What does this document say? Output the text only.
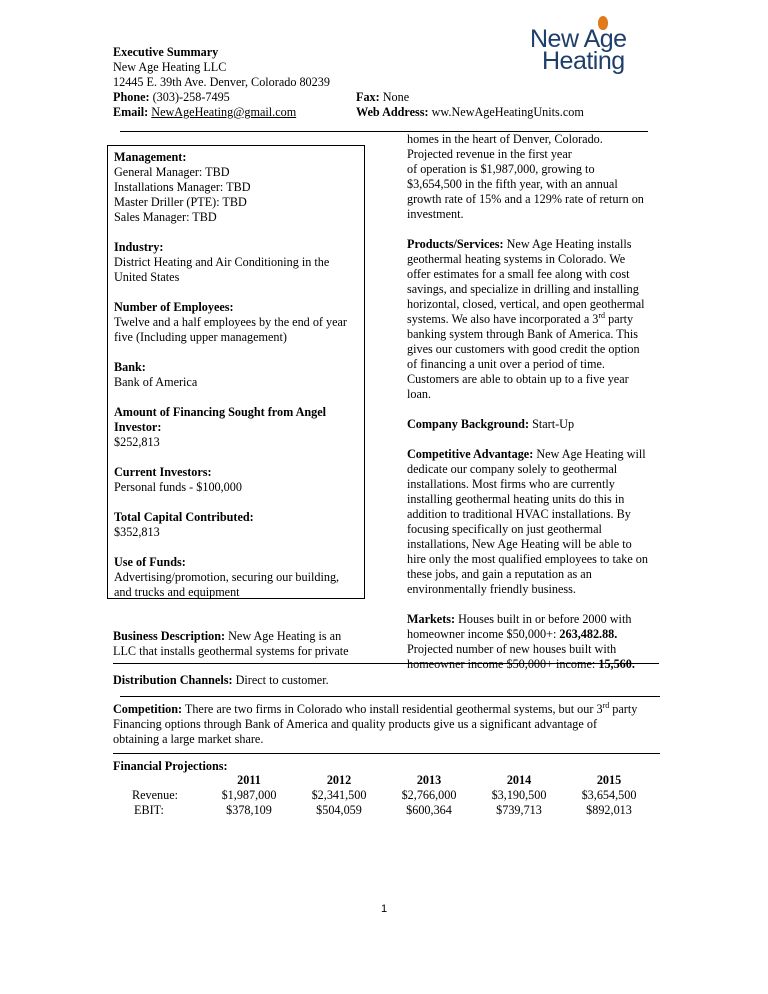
Executive Summary
New Age Heating LLC
12445 E. 39th Ave. Denver, Colorado 80239
Phone: (303)-258-7495
Email: NewAgeHeating@gmail.com
Fax: None
Web Address: ww.NewAgeHeatingUnits.com
New Age
Heating

Management:

General Manager: TBD

Installations Manager: TBD

Master Driller (PTE): TBD

Sales Manager: TBD

Industry:

District Heating and Air Conditioning in the

United States

Number of Employees:

Twelve and a half employees by the end of year

five (Including upper management)

Bank:

Bank of America

Amount of Financing Sought from Angel

Investor:

$252,813

Current Investors:

Personal funds - $100,000

Total Capital Contributed:

$352,813

Use of Funds:

Advertising/promotion, securing our building,

and trucks and equipment

Business Description: New Age Heating is an
LLC that installs geothermal systems for private

homes in the heart of Denver, Colorado.

Projected revenue in the first year

of operation is $1,987,000, growing to

$3,654,500 in the fifth year, with an annual

growth rate of 15% and a 129% rate of return on

investment.

Products/Services: New Age Heating installs

geothermal heating systems in Colorado. We

offer estimates for a small fee along with cost

savings, and specialize in drilling and installing

horizontal, closed, vertical, and open geothermal

systems. We also have incorporated a 3rd party

banking system through Bank of America. This

gives our customers with good credit the option

of financing a unit over a period of time.

Customers are able to obtain up to a five year

loan.

Company Background: Start-Up

Competitive Advantage: New Age Heating will

dedicate our company solely to geothermal

installations. Most firms who are currently

installing geothermal heating units do this in

addition to traditional HVAC installations. By

focusing specifically on just geothermal

installations, New Age Heating will be able to

hire only the most qualified employees to take on

these jobs, and gain a reputation as an

environmentally friendly business.

Markets: Houses built in or before 2000 with

homeowner income $50,000+: 263,482.88.

Projected number of new houses built with

homeowner income $50,000+ income: 15,560.

Distribution Channels: Direct to customer.
Competition: There are two firms in Colorado who install residential geothermal systems, but our 3rd party
Financing options through Bank of America and quality products give us a significant advantage of
obtaining a large market share.
Financial Projections:
	2011	2012	2013	2014	2015
Revenue:	$1,987,000	$2,341,500	$2,766,000	$3,190,500	$3,654,500
EBIT:	$378,109	$504,059	$600,364	$739,713	$892,013
1
